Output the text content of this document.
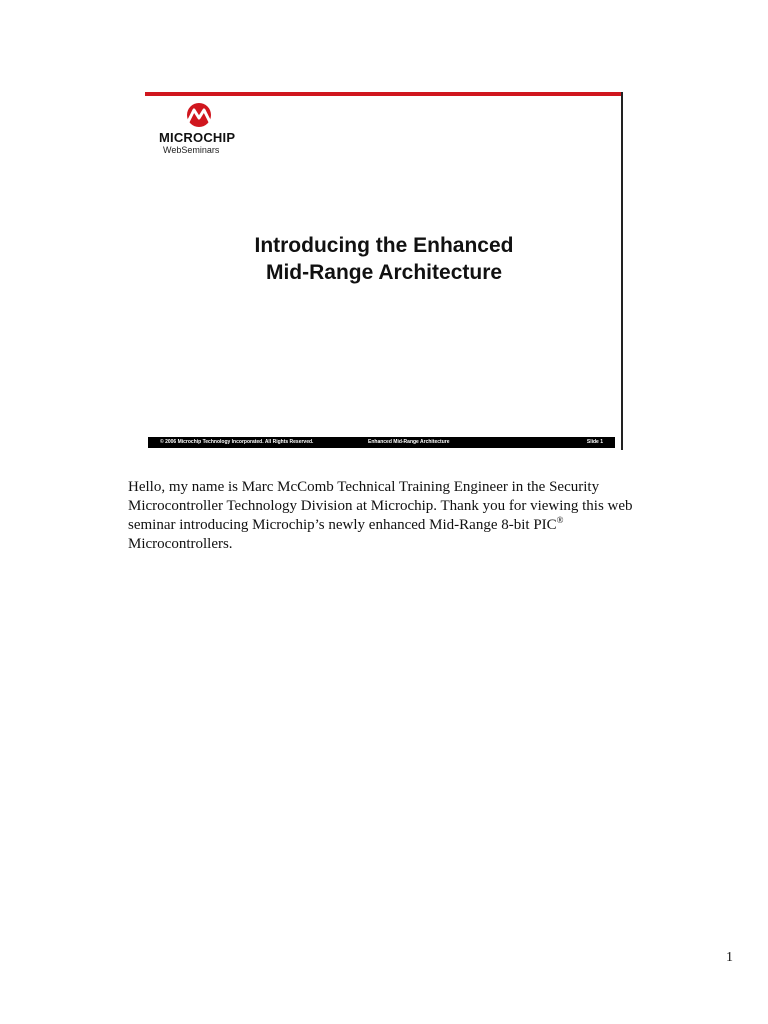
MICROCHIP
WebSeminars
Introducing the Enhanced
Mid-Range Architecture
© 2006 Microchip Technology Incorporated. All Rights Reserved.	Enhanced Mid-Range Architecture	Slide 1

Hello, my name is Marc McComb Technical Training Engineer in the Security Microcontroller Technology Division at Microchip. Thank you for viewing this web seminar introducing Microchip’s newly enhanced Mid-Range 8-bit PIC® Microcontrollers.

1
